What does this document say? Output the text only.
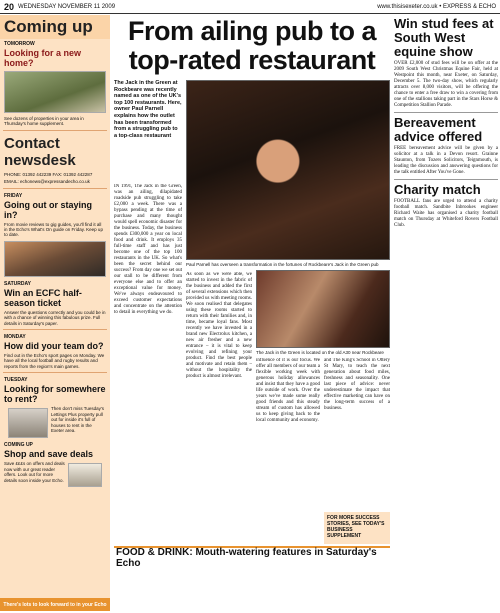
20 WEDNESDAY NOVEMBER 11 2009	www.thisisexeter.co.uk • EXPRESS & ECHO
Coming up
TOMORROW
Looking for a new home?
See dozens of properties in your area in Thursday's home supplement.
Contact newsdesk
PHONE: 01392 442239 FAX: 01392 442287
EMAIL: echonews@expressandecho.co.uk
FRIDAY
Going out or staying in?
From movie reviews to gig guides, you'll find it all in the Echo's What's On guide on Friday. Keep up to date.
SATURDAY
Win an ECFC half-season ticket
Answer the questions correctly and you could be in with a chance of winning this fabulous prize. Full details in Saturday's paper.
MONDAY
How did your team do?
Find out in the Echo's sport pages on Monday. We have all the local football and rugby results and reports from the region's main games.
TUESDAY
Looking for somewhere to rent?
Then don't miss Tuesday's Lettings Plus property pull out for inside it's full of houses to rent in the Exeter area.
COMING UP
Shop and save deals
Save £££s on offers and deals now with our great reader offers. Look out for more details soon inside your Echo.
There's lots to look forward to in your Echo
From ailing pub to a top-rated restaurant
The Jack in the Green at Rockbeare was recently named as one of the UK's top 100 restaurants. Here, owner Paul Parnell explains how the outlet has been transformed from a struggling pub to a top-class restaurant
Paul Parnell has overseen a transformation in the fortunes of Rockbeare's Jack in the Green pub
IN 1991, The Jack in the Green, was an ailing, dilapidated roadside pub struggling to take £2,000 a week. There was a bypass pending at the time of purchase and many thought would spell economic disaster for the business. Today, the business spends £300,000 a year on local food and drink. It employs 35 full-time staff and has just become one of the top 100 restaurants in the UK. So what's been the secret behind our success? From day one we set out our stall to be different from everyone else and to offer an exceptional value for money. We've always endeavoured to exceed customer expectations and concentrate on the attention to detail in everything we do.
As soon as we were able, we started to invest in the fabric of the business and added the first of several extensions which then provided us with meeting rooms. We soon realised that delegates using these rooms started to return with their families and, in time, became loyal fans. Most recently we have invested in a brand new Electrolux kitchen, a new air fresher and a new entrance – it is vital to keep evolving and refining your product. Find the best people and motivate and retain them – without the hospitality the product is almost irrelevant.
The Jack in the Green is located on the old A30 near Rockbeare
influence of it is our focus. We offer all members of our team a flexible working week with generous holiday allowances and insist that they have a good life outside of work. Over the years we've made some really good friends and this steady stream of custom has allowed us to keep giving back to the local community and economy.
and The King's School in Ottery St Mary, to teach the next generation about food miles, freshness and seasonality. One last piece of advice: never underestimate the impact that effective marketing can have on the long-term success of a business.
FOR MORE SUCCESS STORIES, SEE TODAY'S BUSINESS SUPPLEMENT
FOOD & DRINK: Mouth-watering features in Saturday's Echo
Win stud fees at South West equine show
OVER £2,000 of stud fees will be on offer at the 2009 South West Christmas Equine Fair, held at Westpoint this month, near Exeter, on Saturday, December 5. The two-day show, which regularly attracts over 8,000 visitors, will be offering the chance to enter a free draw to win a covering from one of the stallions taking part in the Stars Horse & Competition Stallion Parade.
Bereavement advice offered
FREE bereavement advice will be given by a solicitor at a talk in a Devon resort. Grainne Staunton, from Tozers Solicitors, Teignmouth, is leading the discussion and answering questions for the talk entitled After You've Gone.
Charity match
FOOTBALL fans are urged to attend a charity football match. Sandbite Inbrookes engineer Richard Waite has organised a charity football match on Thursday at Whiteford Rovers Football Club.
